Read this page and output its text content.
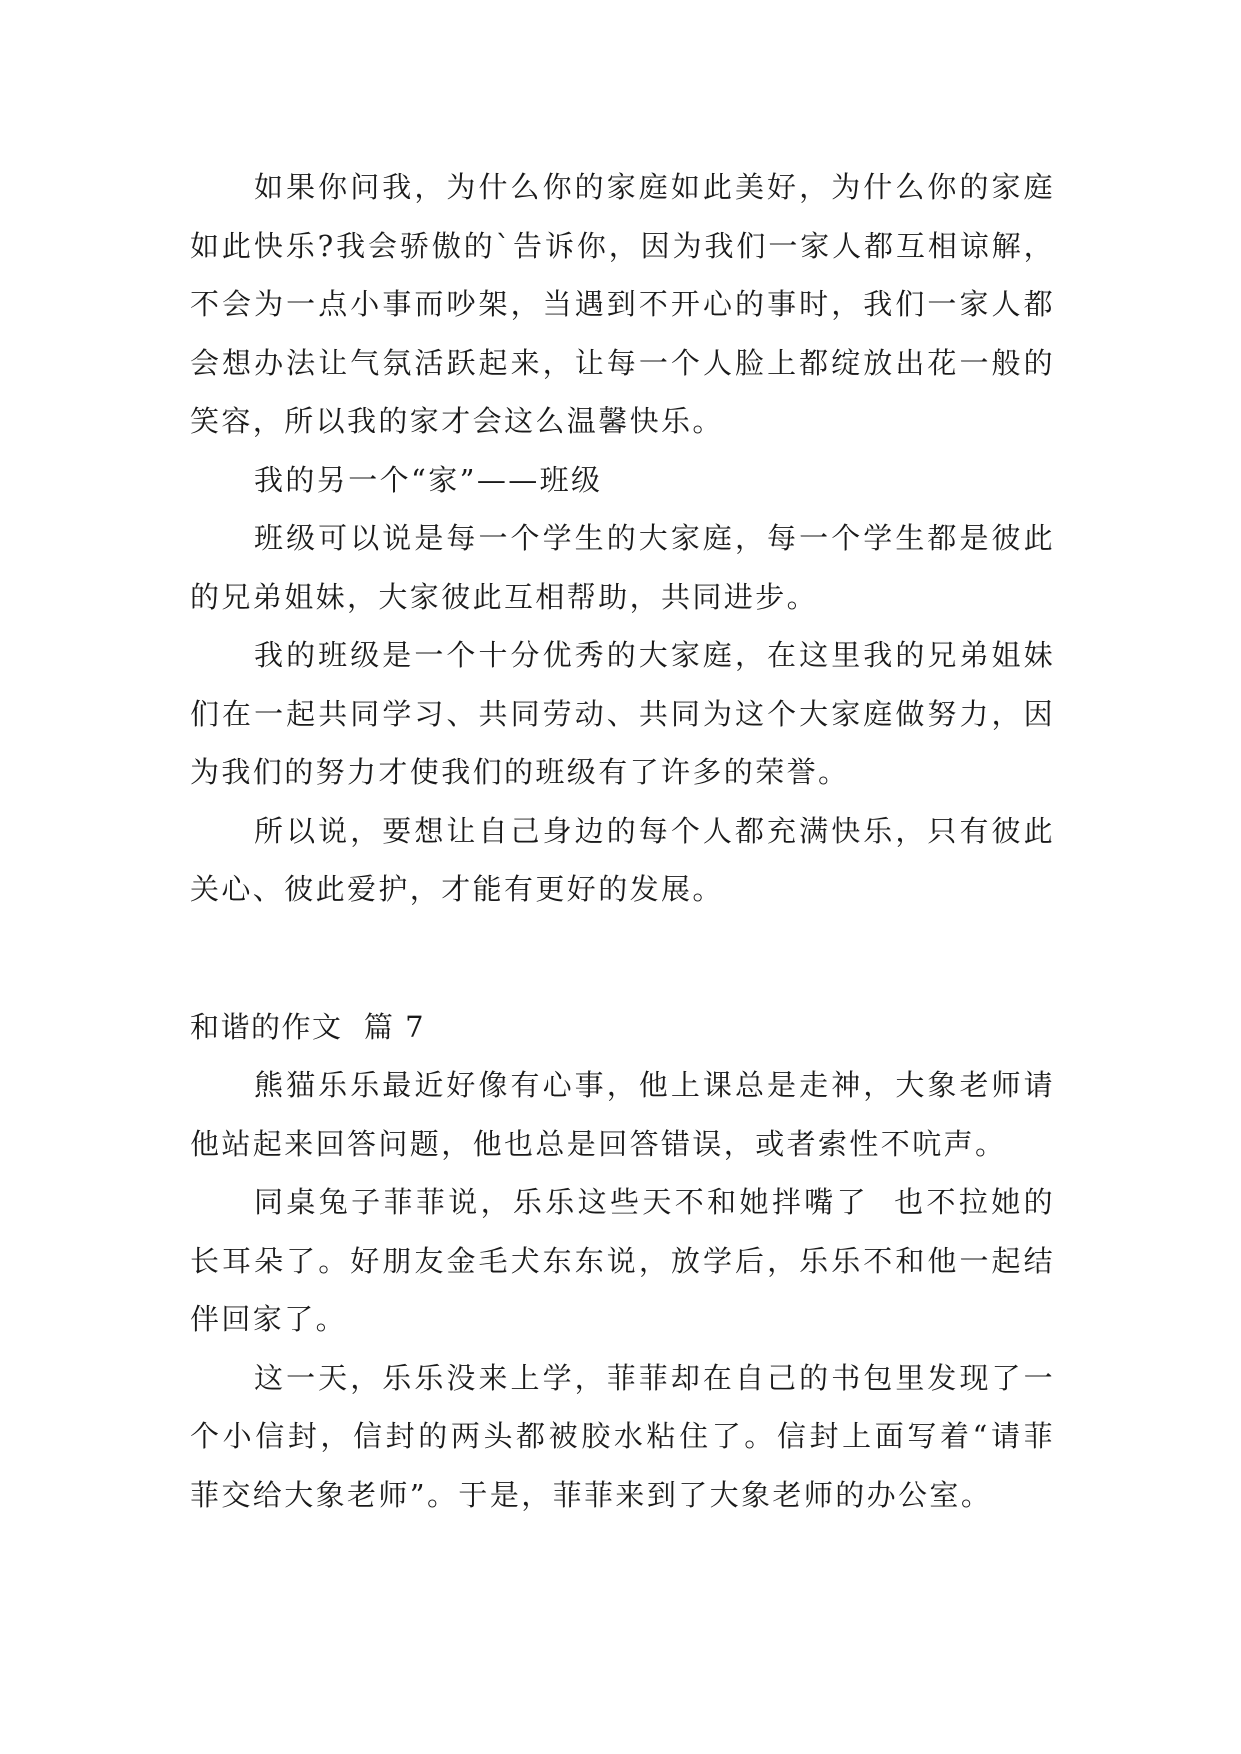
如果你问我，为什么你的家庭如此美好，为什么你的家庭如此快乐?我会骄傲的`告诉你，因为我们一家人都互相谅解，不会为一点小事而吵架，当遇到不开心的事时，我们一家人都会想办法让气氛活跃起来，让每一个人脸上都绽放出花一般的笑容，所以我的家才会这么温馨快乐。

我的另一个“家”——班级

班级可以说是每一个学生的大家庭，每一个学生都是彼此的兄弟姐妹，大家彼此互相帮助，共同进步。

我的班级是一个十分优秀的大家庭，在这里我的兄弟姐妹们在一起共同学习、共同劳动、共同为这个大家庭做努力，因为我们的努力才使我们的班级有了许多的荣誉。

所以说，要想让自己身边的每个人都充满快乐，只有彼此关心、彼此爱护，才能有更好的发展。

和谐的作文  篇 7

熊猫乐乐最近好像有心事，他上课总是走神，大象老师请他站起来回答问题，他也总是回答错误，或者索性不吭声。

同桌兔子菲菲说，乐乐这些天不和她拌嘴了  也不拉她的长耳朵了。好朋友金毛犬东东说，放学后，乐乐不和他一起结伴回家了。

这一天，乐乐没来上学，菲菲却在自己的书包里发现了一个小信封，信封的两头都被胶水粘住了。信封上面写着“请菲菲交给大象老师”。于是，菲菲来到了大象老师的办公室。
